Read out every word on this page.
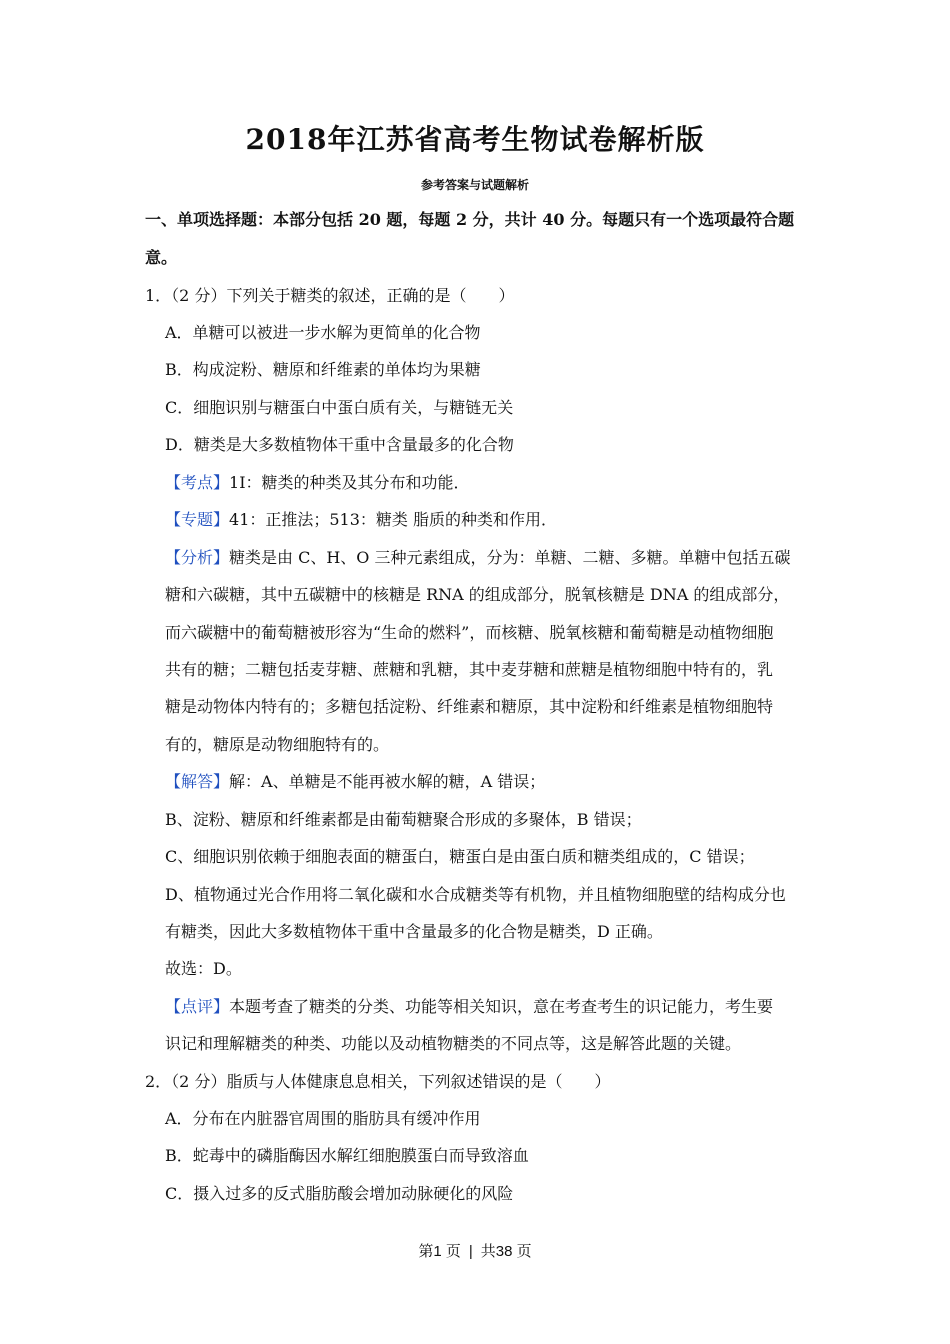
2018年江苏省高考生物试卷解析版
参考答案与试题解析
一、单项选择题：本部分包括 20 题，每题 2 分，共计 40 分。每题只有一个选项最符合题
意。
1．（2 分）下列关于糖类的叙述，正确的是（　　）
A．单糖可以被进一步水解为更简单的化合物
B．构成淀粉、糖原和纤维素的单体均为果糖
C．细胞识别与糖蛋白中蛋白质有关，与糖链无关
D．糖类是大多数植物体干重中含量最多的化合物
【考点】1I：糖类的种类及其分布和功能．
【专题】41：正推法；513：糖类 脂质的种类和作用．
【分析】糖类是由 C、H、O 三种元素组成，分为：单糖、二糖、多糖。单糖中包括五碳
糖和六碳糖，其中五碳糖中的核糖是 RNA 的组成部分，脱氧核糖是 DNA 的组成部分，
而六碳糖中的葡萄糖被形容为“生命的燃料”，而核糖、脱氧核糖和葡萄糖是动植物细胞
共有的糖；二糖包括麦芽糖、蔗糖和乳糖，其中麦芽糖和蔗糖是植物细胞中特有的，乳
糖是动物体内特有的；多糖包括淀粉、纤维素和糖原，其中淀粉和纤维素是植物细胞特
有的，糖原是动物细胞特有的。
【解答】解：A、单糖是不能再被水解的糖，A 错误；
B、淀粉、糖原和纤维素都是由葡萄糖聚合形成的多聚体，B 错误；
C、细胞识别依赖于细胞表面的糖蛋白，糖蛋白是由蛋白质和糖类组成的，C 错误；
D、植物通过光合作用将二氧化碳和水合成糖类等有机物，并且植物细胞壁的结构成分也
有糖类，因此大多数植物体干重中含量最多的化合物是糖类，D 正确。
故选：D。
【点评】本题考查了糖类的分类、功能等相关知识，意在考查考生的识记能力，考生要
识记和理解糖类的种类、功能以及动植物糖类的不同点等，这是解答此题的关键。
2．（2 分）脂质与人体健康息息相关，下列叙述错误的是（　　）
A．分布在内脏器官周围的脂肪具有缓冲作用
B．蛇毒中的磷脂酶因水解红细胞膜蛋白而导致溶血
C．摄入过多的反式脂肪酸会增加动脉硬化的风险
第1 页 | 共38 页
